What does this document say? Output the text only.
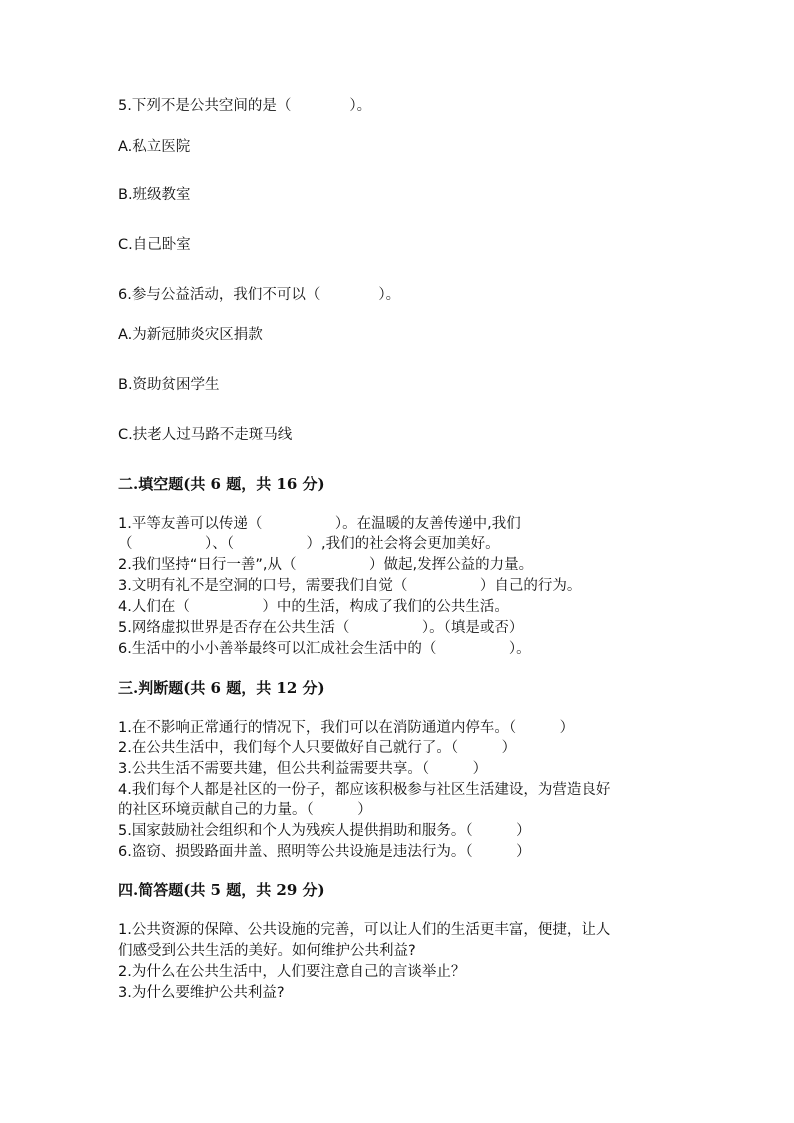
5.下列不是公共空间的是（　　　　）。
A.私立医院
B.班级教室
C.自己卧室
6.参与公益活动，我们不可以（　　　　）。
A.为新冠肺炎灾区捐款
B.资助贫困学生
C.扶老人过马路不走斑马线
二.填空题(共 6 题，共 16 分)
1.平等友善可以传递（　　　　　）。在温暖的友善传递中,我们
（　　　　　）、（　　　　　）,我们的社会将会更加美好。
2.我们坚持“日行一善”,从（　　　　　）做起,发挥公益的力量。
3.文明有礼不是空洞的口号，需要我们自觉（　　　　　）自己的行为。
4.人们在（　　　　　）中的生活，构成了我们的公共生活。
5.网络虚拟世界是否存在公共生活（　　　　　）。（填是或否）
6.生活中的小小善举最终可以汇成社会生活中的（　　　　　）。
三.判断题(共 6 题，共 12 分)
1.在不影响正常通行的情况下，我们可以在消防通道内停车。（　　　）
2.在公共生活中，我们每个人只要做好自己就行了。（　　　）
3.公共生活不需要共建，但公共利益需要共享。（　　　）
4.我们每个人都是社区的一份子，都应该积极参与社区生活建设，为营造良好
的社区环境贡献自己的力量。（　　　）
5.国家鼓励社会组织和个人为残疾人提供捐助和服务。（　　　）
6.盗窃、损毁路面井盖、照明等公共设施是违法行为。（　　　）
四.简答题(共 5 题，共 29 分)
1.公共资源的保障、公共设施的完善，可以让人们的生活更丰富，便捷，让人
们感受到公共生活的美好。如何维护公共利益?
2.为什么在公共生活中，人们要注意自己的言谈举止？
3.为什么要维护公共利益?
